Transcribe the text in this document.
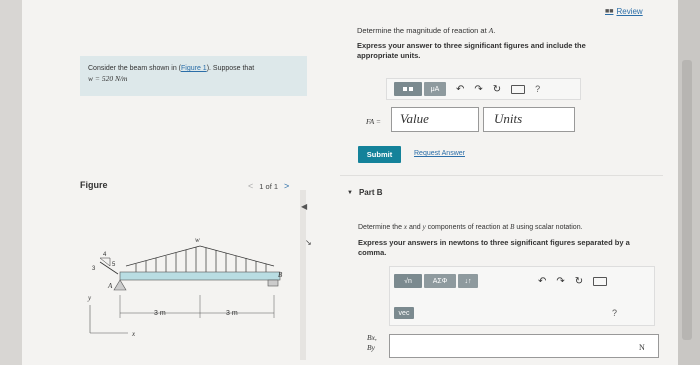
Consider the beam shown in (Figure 1). Suppose that
w = 520 N/m
Figure	< 1 of 1 >
w
A
3
4
5
B
3 m	3 m
y
x
◀
↘
■■ Review
Determine the magnitude of reaction at A.
Express your answer to three significant figures and include the appropriate units.
μA	↶ ↷ ↻	?
FA =	Value	Units
Submit	Request Answer
▼ Part B
Determine the x and y components of reaction at B using scalar notation.
Express your answers in newtons to three significant figures separated by a comma.
√n	ΑΣΦ	↓↑	↶ ↷ ↻
vec	?
Bx,
By	N
